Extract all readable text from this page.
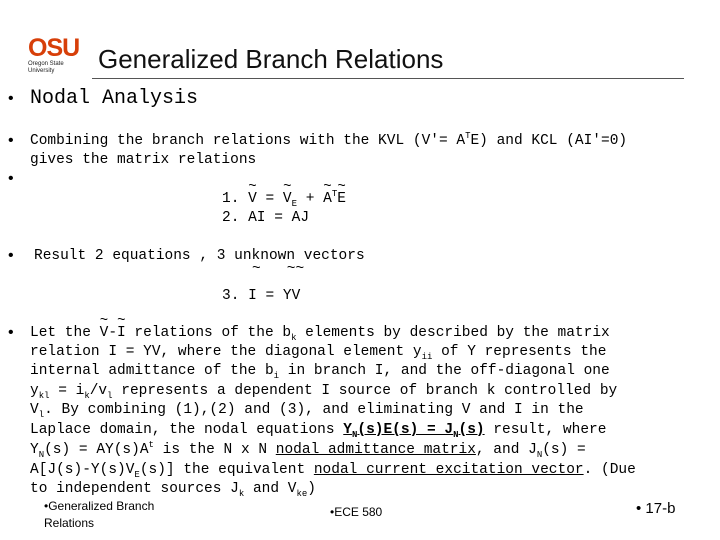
OSU
Oregon State University	Generalized Branch Relations
• Nodal Analysis
• Combining the branch relations with the KVL $(V'= A^TE)$ and KCL (AI′=0)
gives the matrix relations
•
1. ~ V = ~ $V_E$ + ~ $A^T\sim$ E
2. AI = AJ
• Result 2 equations , 3 unknown vectors
~   ~~
3. I = YV
• Let the ~ V-~ I relations of the $b_k$ elements by described by the matrix
relation I = YV, where the diagonal element $y_{ii}$ of Y represents the
internal admittance of the $b_i$ in branch I, and the off-diagonal one
$y_{kl} = i_k/v_l$ represents a dependent I source of branch k controlled by
$V_l$. By combining (1),(2) and (3), and eliminating V and I in the
Laplace domain, the nodal equations $Y_N(s)E(s) = J_N(s)$ result, where
$Y_N(s) = AY(s)A^t$ is the N x N nodal admittance matrix, and $J_N(s)$ =
$A[J(s)-Y(s)V_E(s)]$ the equivalent nodal current excitation vector. (Due
to independent sources $J_k$ and $V_{ke}$)
•Generalized Branch
Relations
•ECE 580	• 17-b
